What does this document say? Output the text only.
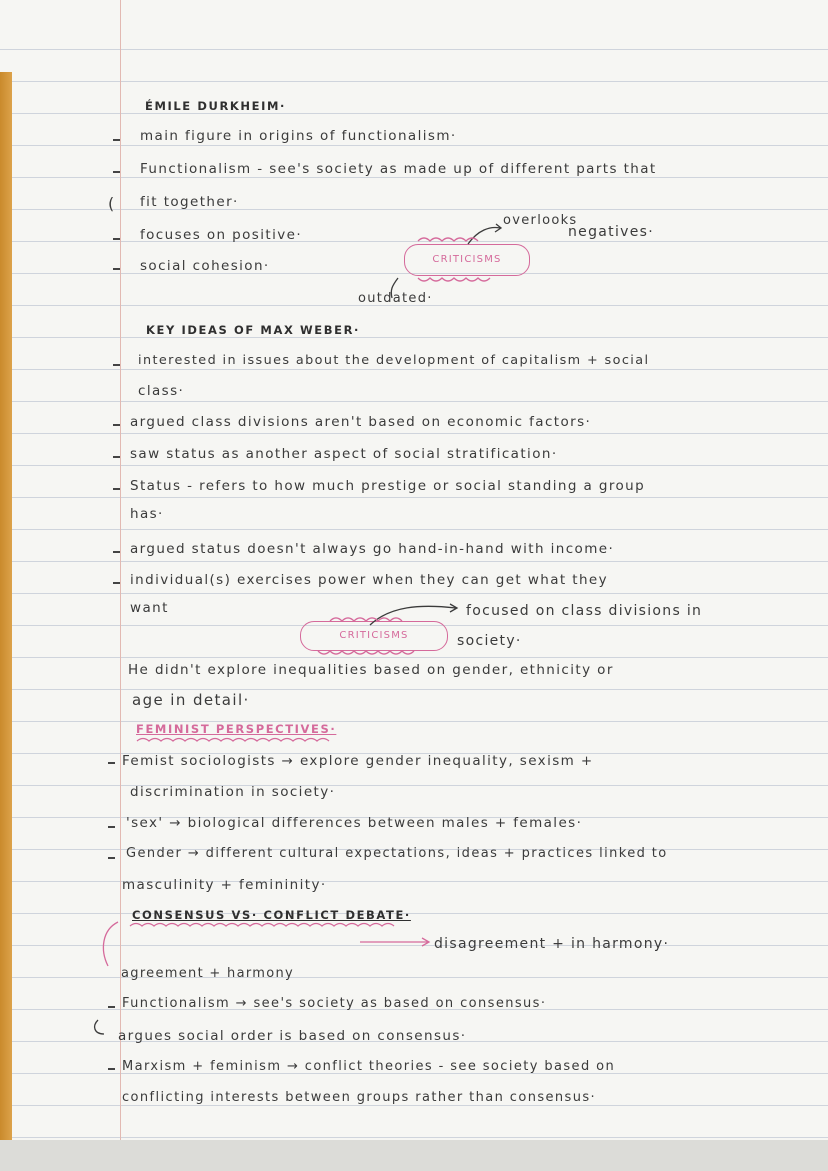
ÉMILE DURKHEIM·
main figure in origins of functionalism·
Functionalism - see's society as made up of different parts that
( fit together·
focuses on positive·
social cohesion·
overlooks
negatives·
CRITICISMS
outdated·
KEY IDEAS OF MAX WEBER·
interested in issues about the development of capitalism + social
class·
argued class divisions aren't based on economic factors·
saw status as another aspect of social stratification·
Status - refers to how much prestige or social standing a group
has·
argued status doesn't always go hand-in-hand with income·
individual(s) exercises power when they can get what they
want	focused on class divisions in
CRITICISMS	society·
He didn't explore inequalities based on gender, ethnicity or
age in detail·
FEMINIST PERSPECTIVES·
Femist sociologists → explore gender inequality, sexism +
discrimination in society·
'sex' → biological differences between males + females·
Gender → different cultural expectations, ideas + practices linked to
masculinity + femininity·
CONSENSUS VS· CONFLICT DEBATE·
disagreement + in harmony·
agreement + harmony
Functionalism → see's society as based on consensus·
argues social order is based on consensus·
Marxism + feminism → conflict theories - see society based on
conflicting interests between groups rather than consensus·
